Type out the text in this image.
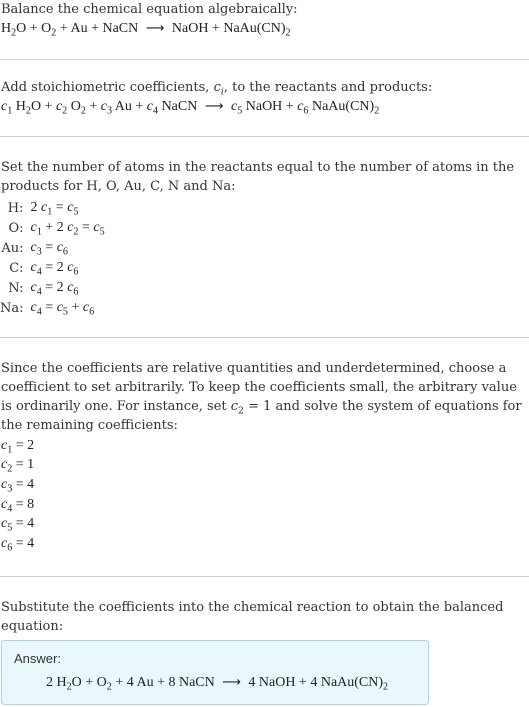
Balance the chemical equation algebraically:
$H_2O + O_2 + Au$ + NaCN ⟶ NaOH + $NaAu(CN)_2$
Add stoichiometric coefficients, $c_i$, to the reactants and products:
$c_1$ $H_2O + c_2$ $O_2 + c_3$ $Au + c_4$ NaCN ⟶ $c_5$ NaOH + $c_6$ $NaAu(CN)_2$
Set the number of atoms in the reactants equal to the number of atoms in the products for H, O, Au, C, N and Na:
H:	2 $c_1 = c_5$
O:	$c_1 + 2$ $c_2 = c_5$
Au:	$c_3 = c_6$
C:	$c_4 = 2$ $c_6$
N:	$c_4 = 2$ $c_6$
Na:	$c_4 = c_5 + c_6$
Since the coefficients are relative quantities and underdetermined, choose a coefficient to set arbitrarily. To keep the coefficients small, the arbitrary value is ordinarily one. For instance, set $c_2 = 1$ and solve the system of equations for the remaining coefficients:
$c_1 = 2$
$c_2 = 1$
$c_3 = 4$
$c_4 = 8$
$c_5 = 4$
$c_6 = 4$
Substitute the coefficients into the chemical reaction to obtain the balanced equation:
Answer:
2 $H_2O + O_2 + 4$ Au + 8 NaCN ⟶ 4 NaOH + 4 $NaAu(CN)_2$
